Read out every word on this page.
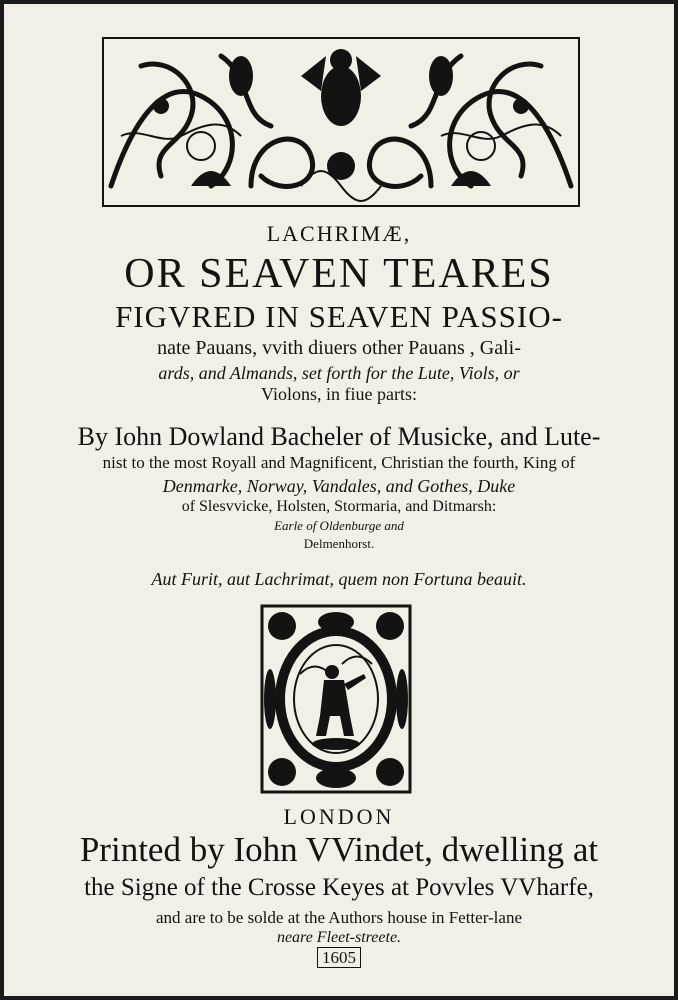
LACHRIMÆ,
OR SEAVEN TEARES
FIGVRED IN SEAVEN PASSIO-
nate Pauans, vvith diuers other Pauans , Gali-
ards, and Almands, set forth for the Lute, Viols, or
Violons, in fiue parts:
By Iohn Dowland Bacheler of Musicke, and Lute-
nist to the most Royall and Magnificent, Christian the fourth, King of
Denmarke, Norway, Vandales, and Gothes, Duke
of Slesvvicke, Holsten, Stormaria, and Ditmarsh:
Earle of Oldenburge and
Delmenhorst.
Aut Furit, aut Lachrimat, quem non Fortuna beauit.
LONDON
Printed by Iohn VVindet, dwelling at
the Signe of the Crosse Keyes at Povvles VVharfe,
and are to be solde at the Authors house in Fetter-lane
neare Fleet-streete.
1605
